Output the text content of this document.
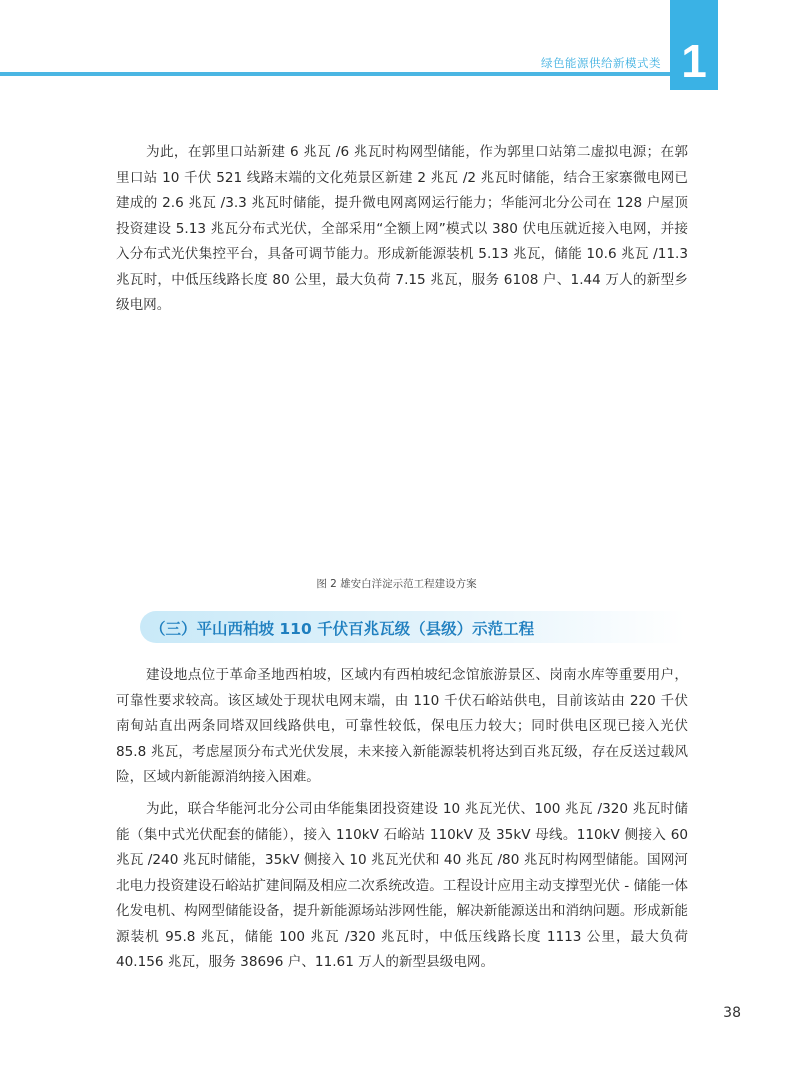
绿色能源供给新模式类 1

为此，在郭里口站新建 6 兆瓦 /6 兆瓦时构网型储能，作为郭里口站第二虚拟电源；在郭里口站 10 千伏 521 线路末端的文化苑景区新建 2 兆瓦 /2 兆瓦时储能，结合王家寨微电网已建成的 2.6 兆瓦 /3.3 兆瓦时储能，提升微电网离网运行能力；华能河北分公司在 128 户屋顶投资建设 5.13 兆瓦分布式光伏，全部采用“全额上网”模式以 380 伏电压就近接入电网，并接入分布式光伏集控平台，具备可调节能力。形成新能源装机 5.13 兆瓦，储能 10.6 兆瓦 /11.3 兆瓦时，中低压线路长度 80 公里，最大负荷 7.15 兆瓦，服务 6108 户、1.44 万人的新型乡级电网。

图 2 雄安白洋淀示范工程建设方案
（三）平山西柏坡 110 千伏百兆瓦级（县级）示范工程

建设地点位于革命圣地西柏坡，区域内有西柏坡纪念馆旅游景区、岗南水库等重要用户，可靠性要求较高。该区域处于现状电网末端，由 110 千伏石峪站供电，目前该站由 220 千伏南甸站直出两条同塔双回线路供电，可靠性较低，保电压力较大；同时供电区现已接入光伏 85.8 兆瓦，考虑屋顶分布式光伏发展，未来接入新能源装机将达到百兆瓦级，存在反送过载风险，区域内新能源消纳接入困难。

为此，联合华能河北分公司由华能集团投资建设 10 兆瓦光伏、100 兆瓦 /320 兆瓦时储能（集中式光伏配套的储能），接入 110kV 石峪站 110kV 及 35kV 母线。110kV 侧接入 60 兆瓦 /240 兆瓦时储能，35kV 侧接入 10 兆瓦光伏和 40 兆瓦 /80 兆瓦时构网型储能。国网河北电力投资建设石峪站扩建间隔及相应二次系统改造。工程设计应用主动支撑型光伏 - 储能一体化发电机、构网型储能设备，提升新能源场站涉网性能，解决新能源送出和消纳问题。形成新能源装机 95.8 兆瓦，储能 100 兆瓦 /320 兆瓦时，中低压线路长度 1113 公里，最大负荷 40.156 兆瓦，服务 38696 户、11.61 万人的新型县级电网。

38
